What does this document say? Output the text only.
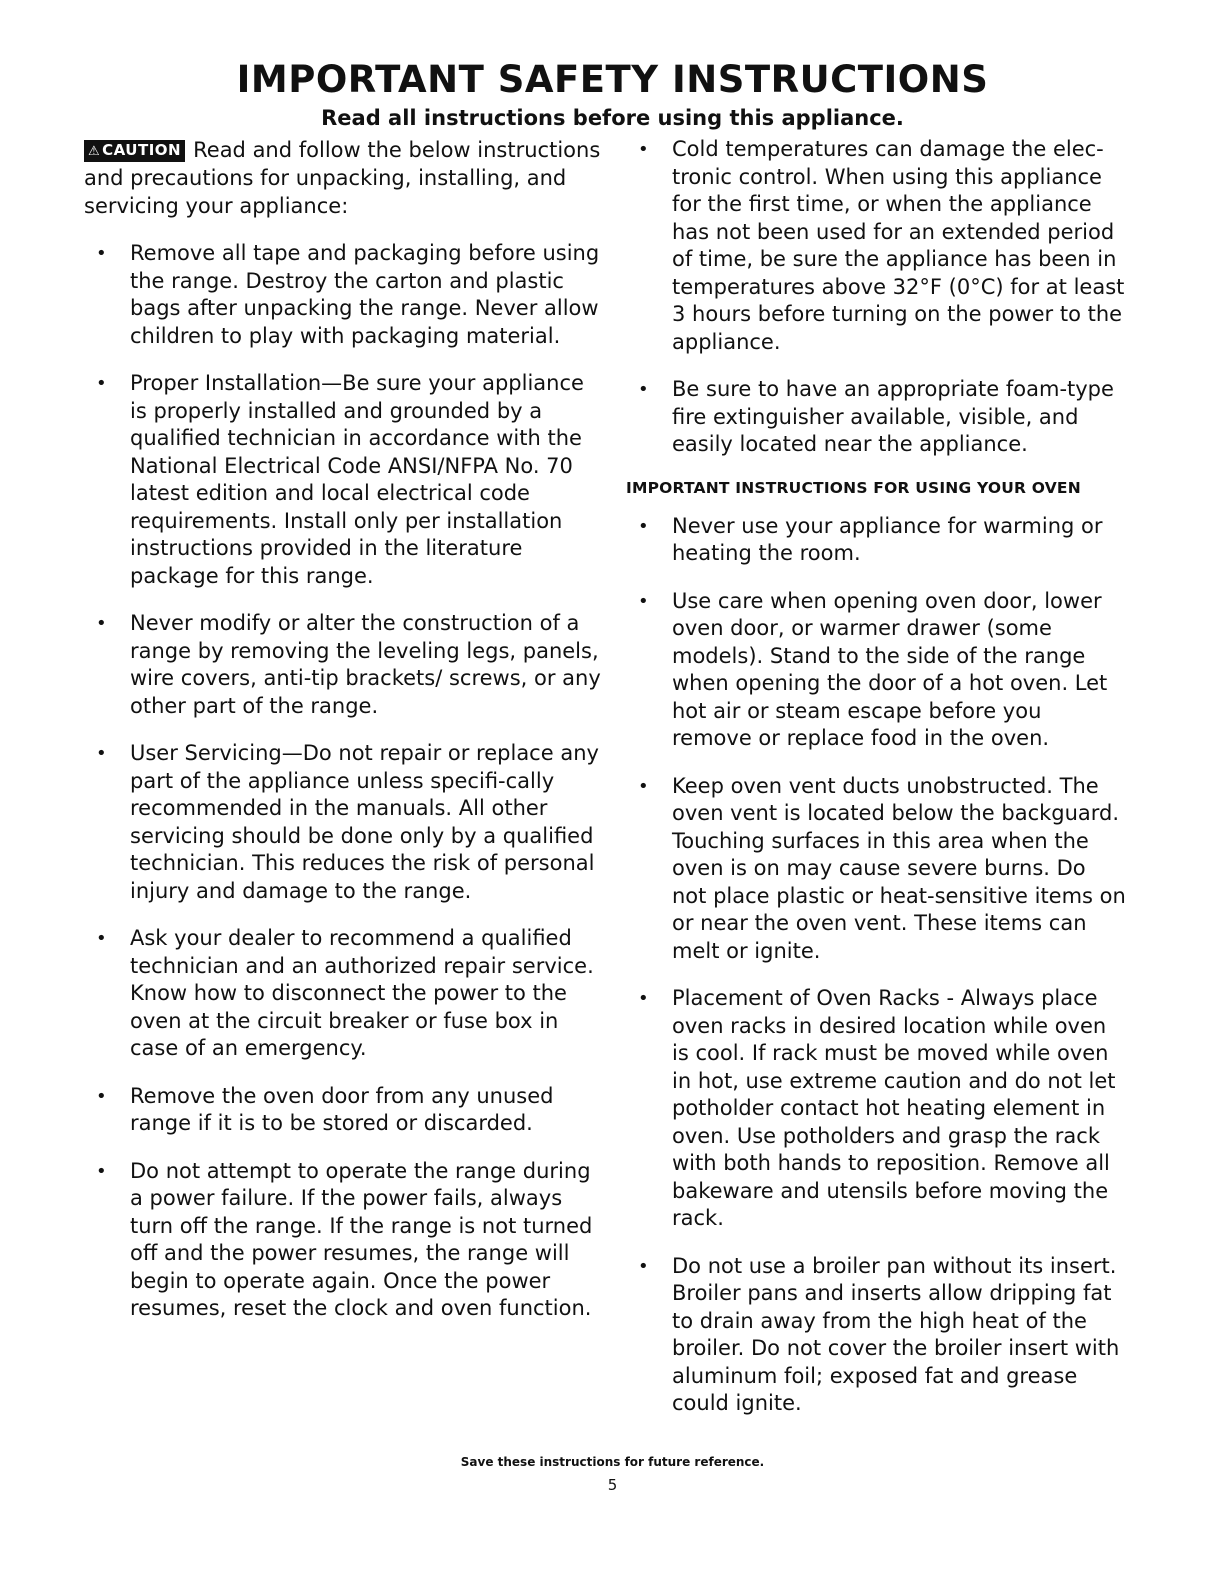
IMPORTANT SAFETY INSTRUCTIONS
Read all instructions before using this appliance.

⚠ CAUTION Read and follow the below instructions and precautions for unpacking, installing, and servicing your appliance:

• Remove all tape and packaging before using the range. Destroy the carton and plastic bags after unpacking the range. Never allow children to play with packaging material.
• Proper Installation—Be sure your appliance is properly installed and grounded by a qualified technician in accordance with the National Electrical Code ANSI/NFPA No. 70 latest edition and local electrical code requirements. Install only per installation instructions provided in the literature package for this range.
• Never modify or alter the construction of a range by removing the leveling legs, panels, wire covers, anti-tip brackets/ screws, or any other part of the range.
• User Servicing—Do not repair or replace any part of the appliance unless specifi-cally recommended in the manuals. All other servicing should be done only by a qualified technician. This reduces the risk of personal injury and damage to the range.
• Ask your dealer to recommend a qualified technician and an authorized repair service. Know how to disconnect the power to the oven at the circuit breaker or fuse box in case of an emergency.
• Remove the oven door from any unused range if it is to be stored or discarded.
• Do not attempt to operate the range during a power failure. If the power fails, always turn off the range. If the range is not turned off and the power resumes, the range will begin to operate again. Once the power resumes, reset the clock and oven function.
• Cold temperatures can damage the elec-tronic control. When using this appliance for the first time, or when the appliance has not been used for an extended period of time, be sure the appliance has been in temperatures above 32°F (0°C) for at least 3 hours before turning on the power to the appliance.
• Be sure to have an appropriate foam-type fire extinguisher available, visible, and easily located near the appliance.
IMPORTANT INSTRUCTIONS FOR USING YOUR OVEN
• Never use your appliance for warming or heating the room.
• Use care when opening oven door, lower oven door, or warmer drawer (some models). Stand to the side of the range when opening the door of a hot oven. Let hot air or steam escape before you remove or replace food in the oven.
• Keep oven vent ducts unobstructed. The oven vent is located below the backguard. Touching surfaces in this area when the oven is on may cause severe burns. Do not place plastic or heat-sensitive items on or near the oven vent. These items can melt or ignite.
• Placement of Oven Racks - Always place oven racks in desired location while oven is cool. If rack must be moved while oven in hot, use extreme caution and do not let potholder contact hot heating element in oven. Use potholders and grasp the rack with both hands to reposition. Remove all bakeware and utensils before moving the rack.
• Do not use a broiler pan without its insert. Broiler pans and inserts allow dripping fat to drain away from the high heat of the broiler. Do not cover the broiler insert with aluminum foil; exposed fat and grease could ignite.
Save these instructions for future reference.
5
